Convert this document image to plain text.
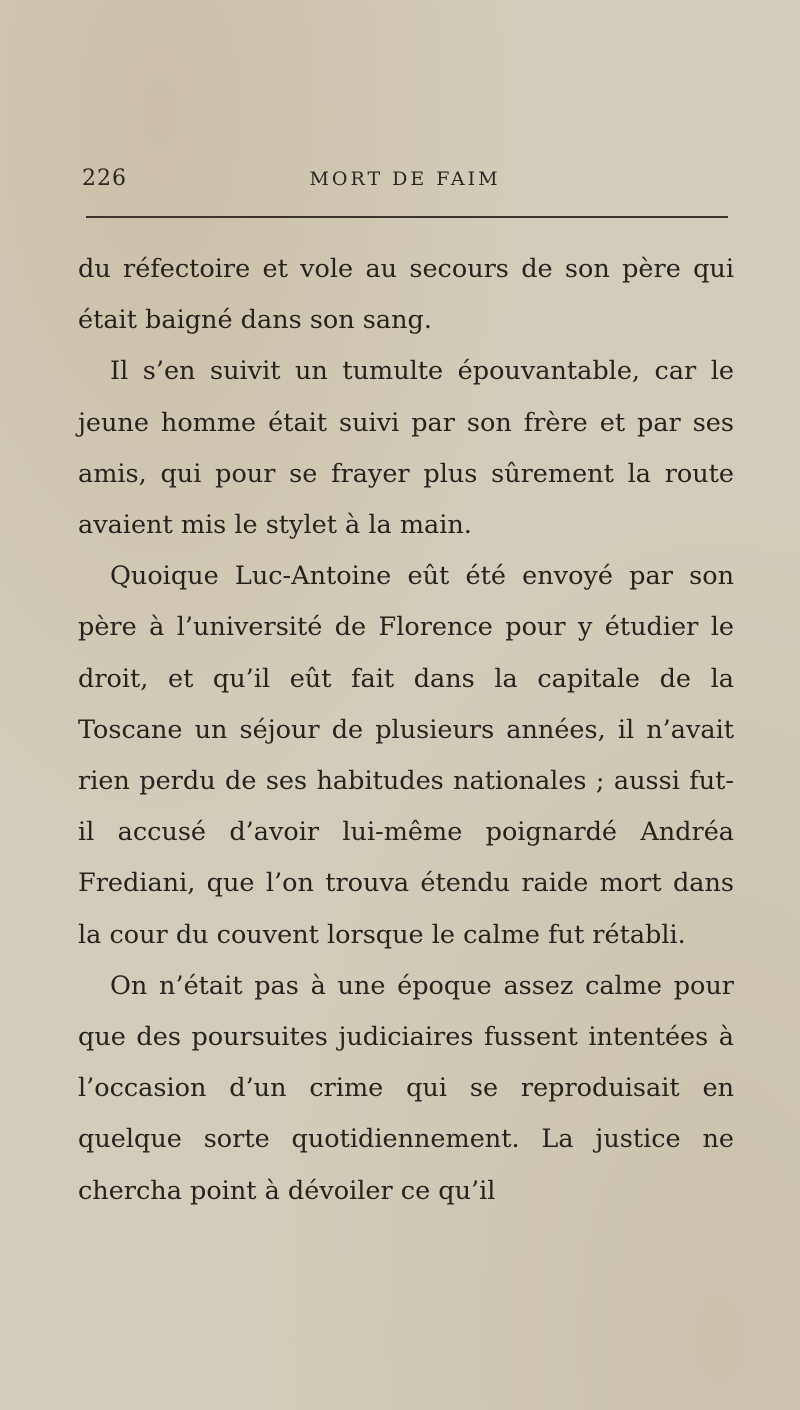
226	MORT DE FAIM

du réfectoire et vole au secours de son père qui était baigné dans son sang.

Il s’en suivit un tumulte épouvantable, car le jeune homme était suivi par son frère et par ses amis, qui pour se frayer plus sûrement la route avaient mis le stylet à la main.

Quoique Luc-Antoine eût été envoyé par son père à l’université de Florence pour y étudier le droit, et qu’il eût fait dans la capitale de la Toscane un séjour de plusieurs années, il n’avait rien perdu de ses habitudes nationales ; aussi fut-il accusé d’avoir lui-même poignardé Andréa Frediani, que l’on trouva étendu raide mort dans la cour du couvent lorsque le calme fut rétabli.

On n’était pas à une époque assez calme pour que des poursuites judiciaires fussent intentées à l’occasion d’un crime qui se reproduisait en quelque sorte quotidiennement. La justice ne chercha point à dévoiler ce qu’il
